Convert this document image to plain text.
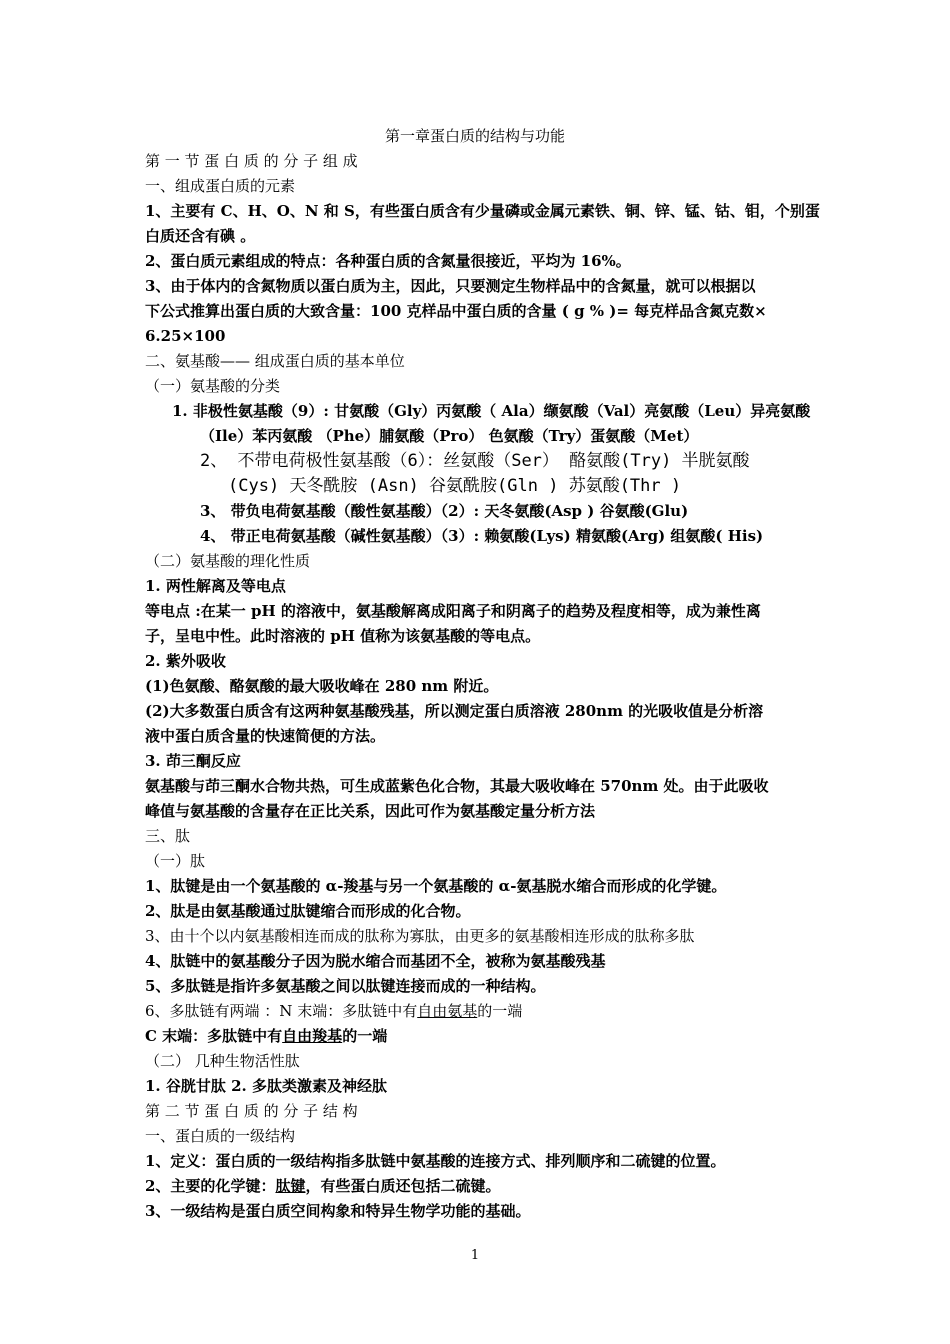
第一章蛋白质的结构与功能
第 一 节 蛋 白 质 的 分 子 组 成
一、组成蛋白质的元素
1、主要有 C、H、O、N 和 S，有些蛋白质含有少量磷或金属元素铁、铜、锌、锰、钴、钼，个别蛋
白质还含有碘 。
2、蛋白质元素组成的特点：各种蛋白质的含氮量很接近，平均为 16%。
3、由于体内的含氮物质以蛋白质为主，因此，只要测定生物样品中的含氮量，就可以根据以
下公式推算出蛋白质的大致含量：100 克样品中蛋白质的含量 ( g % )= 每克样品含氮克数×
6.25×100
二、氨基酸—— 组成蛋白质的基本单位
（一）氨基酸的分类
1. 非极性氨基酸（9）: 甘氨酸（Gly）丙氨酸（ Ala）缬氨酸（Val）亮氨酸（Leu）异亮氨酸
（Ile）苯丙氨酸 （Phe）脯氨酸（Pro） 色氨酸（Try）蛋氨酸（Met）
2、 不带电荷极性氨基酸（6）：丝氨酸（Ser） 酪氨酸(Try) 半胱氨酸
(Cys) 天冬酰胺 (Asn) 谷氨酰胺(Gln ) 苏氨酸(Thr )
3、 带负电荷氨基酸（酸性氨基酸）（2）: 天冬氨酸(Asp ) 谷氨酸(Glu)
4、 带正电荷氨基酸（碱性氨基酸）（3）: 赖氨酸(Lys) 精氨酸(Arg) 组氨酸( His)
（二）氨基酸的理化性质
1. 两性解离及等电点
等电点 :在某一 pH 的溶液中，氨基酸解离成阳离子和阴离子的趋势及程度相等，成为兼性离
子，呈电中性。此时溶液的 pH 值称为该氨基酸的等电点。
2. 紫外吸收
(1)色氨酸、酪氨酸的最大吸收峰在 280 nm 附近。
(2)大多数蛋白质含有这两种氨基酸残基，所以测定蛋白质溶液 280nm 的光吸收值是分析溶
液中蛋白质含量的快速简便的方法。
3. 茚三酮反应
氨基酸与茚三酮水合物共热，可生成蓝紫色化合物，其最大吸收峰在 570nm 处。由于此吸收
峰值与氨基酸的含量存在正比关系，因此可作为氨基酸定量分析方法
三、肽
（一）肽
1、肽键是由一个氨基酸的 α-羧基与另一个氨基酸的 α-氨基脱水缩合而形成的化学键。
2、肽是由氨基酸通过肽键缩合而形成的化合物。
3、由十个以内氨基酸相连而成的肽称为寡肽，由更多的氨基酸相连形成的肽称多肽
4、肽链中的氨基酸分子因为脱水缩合而基团不全，被称为氨基酸残基
5、多肽链是指许多氨基酸之间以肽键连接而成的一种结构。
6、多肽链有两端 ：N 末端：多肽链中有自由氨基的一端
C 末端：多肽链中有自由羧基的一端
（二） 几种生物活性肽
1. 谷胱甘肽 2. 多肽类激素及神经肽
第 二 节 蛋 白 质 的 分 子 结 构
一、蛋白质的一级结构
1、定义：蛋白质的一级结构指多肽链中氨基酸的连接方式、排列顺序和二硫键的位置。
2、主要的化学键：肽键，有些蛋白质还包括二硫键。
3、一级结构是蛋白质空间构象和特异生物学功能的基础。
1
